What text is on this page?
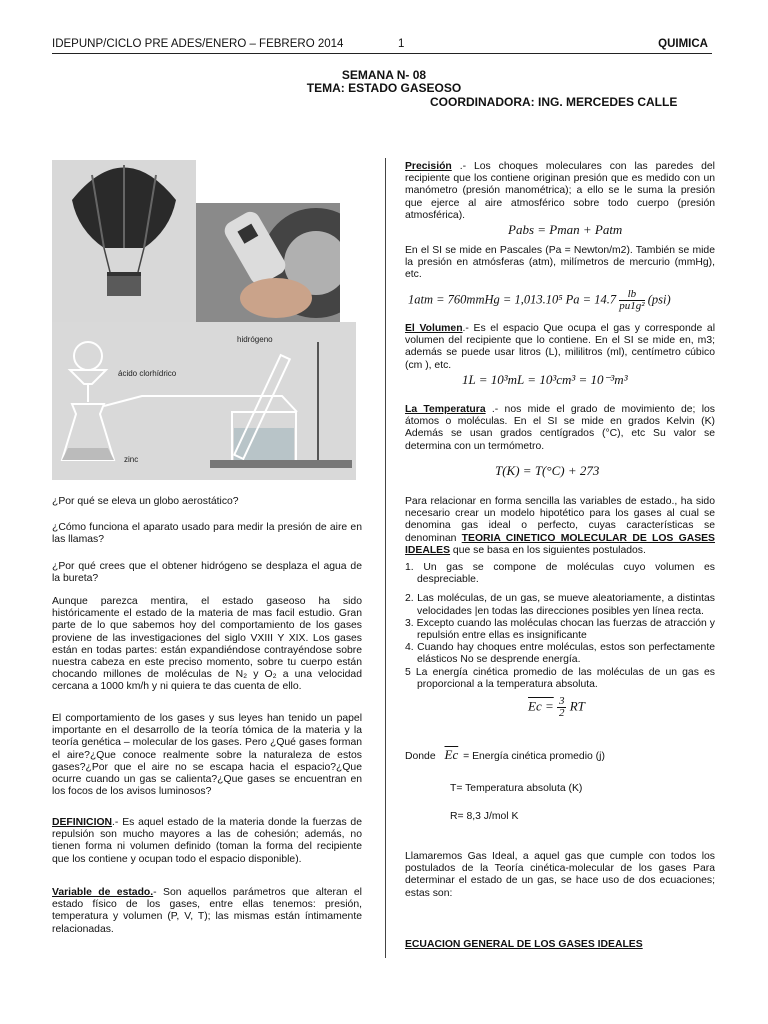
IDEPUNP/CICLO PRE ADES/ENERO – FEBRERO 2014	1	QUIMICA
SEMANA N- 08
TEMA: ESTADO GASEOSO
COORDINADORA: ING. MERCEDES CALLE
ácido clorhídrico
hidrógeno
zinc
¿Por qué se eleva un globo aerostático?
¿Cómo funciona el aparato usado para medir la presión de aire en las llamas?
¿Por qué crees que el obtener hidrógeno se desplaza el agua de la bureta?
Aunque parezca mentira, el estado gaseoso ha sido históricamente el estado de la materia de mas facil estudio. Gran parte de lo que sabemos hoy del comportamiento de los gases proviene de las investigaciones del siglo VXIII Y XIX. Los gases están en todas partes: están expandiéndose contrayéndose sobre nuestra cabeza en este preciso momento, sobre tu cuerpo están chocando millones de moléculas de N₂ y O₂ a una velocidad cercana a 1000 km/h y ni quiera te das cuenta de ello.
El comportamiento de los gases y sus leyes han tenido un papel importante en el desarrollo de la teoría tómica de la materia y la teoría genética – molecular de los gases. Pero ¿Qué gases forman el aire?¿Que conoce realmente sobre la naturaleza de estos gases?¿Por que el aire no se escapa hacia el espacio?¿Que ocurre cuando un gas se calienta?¿Que gases se encuentran en los focos de los avisos luminosos?
DEFINICION.- Es aquel estado de la materia donde la fuerzas de repulsión son mucho mayores a las de cohesión; además, no tienen forma ni volumen definido (toman la forma del recipiente que los contiene y ocupan todo el espacio disponible).
Variable de estado.- Son aquellos parámetros que alteran el estado físico de los gases, entre ellas tenemos: presión, temperatura y volumen (P, V, T); las mismas están íntimamente relacionadas.
Precisión .- Los choques moleculares con las paredes del recipiente que los contiene originan presión que es medido con un manómetro (presión manométrica); a ello se le suma la presión que ejerce al aire atmosférico sobre todo cuerpo (presión atmosférica).
Pabs = Pman + Patm
En el SI se mide en Pascales (Pa = Newton/m2). También se mide la presión en atmósferas (atm), milímetros de mercurio (mmHg), etc.
1atm = 760mmHg = 1,013.10⁵ $Pa = 14.7 \frac{lb}{\text{pu1g²}} (psi)$
El Volumen.- Es el espacio Que ocupa el gas y corresponde al volumen del recipiente que lo contiene. En el SI se mide en, m3; además se puede usar litros (L), mililitros (ml), centímetro cúbico (cm ), etc.
1L = 10³mL = 10³cm³ = 10⁻³m³
La Temperatura .- nos mide el grado de movimiento de; los átomos o moléculas. En el SI se mide en grados Kelvin (K) Además se usan grados centígrados (°C), etc Su valor se determina con un termómetro.
T(K) = T(°C) + 273
Para relacionar en forma sencilla las variables de estado., ha sido necesario crear un modelo hipotético para los gases al cual se denomina gas ideal o perfecto, cuyas características se denominan TEORIA CINETICO MOLECULAR DE LOS GASES IDEALES que se basa en los siguientes postulados.
1. Un gas se compone de moléculas cuyo volumen es despreciable.
2. Las moléculas, de un gas, se mueve aleatoriamente, a distintas velocidades |en todas las direcciones posibles yen línea recta.
3. Excepto cuando las moléculas chocan las fuerzas de atracción y repulsión entre ellas es insignificante
4. Cuando hay choques entre moléculas, estos son perfectamente elásticos No se desprende energía.
5 La energía cinética promedio de las moléculas de un gas es proporcional a la temperatura absoluta.
$Ec = \frac{3}{2}$ RT
Donde $\overline{Ec}$ = Energía cinética promedio (j)
T= Temperatura absoluta (K)
R= 8,3 J/mol K
Llamaremos Gas Ideal, a aquel gas que cumple con todos los postulados de la Teoría cinética-molecular de los gases Para determinar el estado de un gas, se hace uso de dos ecuaciones; estas son:
ECUACION GENERAL DE LOS GASES IDEALES
